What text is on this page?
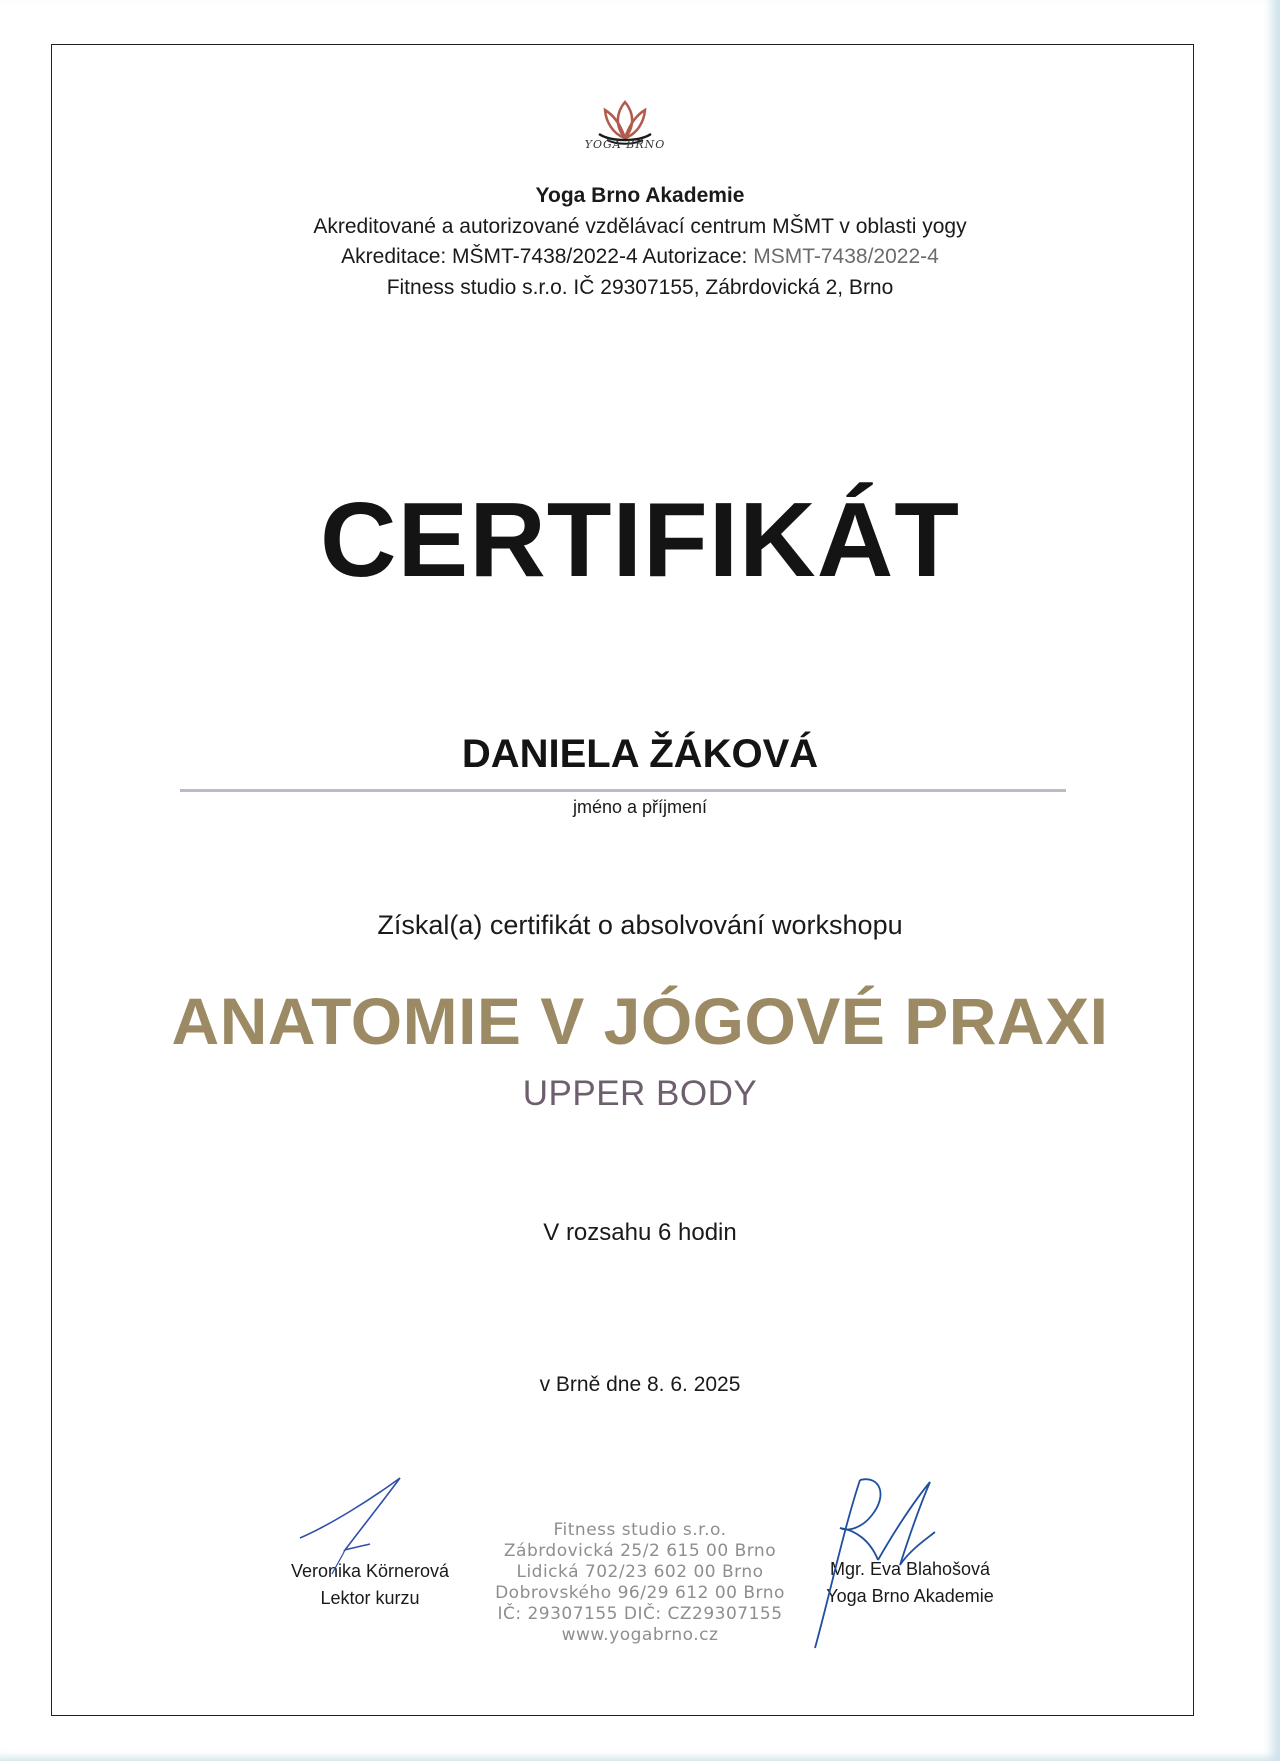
YOGA BRNO
Yoga Brno Akademie
Akreditované a autorizované vzdělávací centrum MŠMT v oblasti yogy
Akreditace: MŠMT-7438/2022-4 Autorizace: MSMT-7438/2022-4
Fitness studio s.r.o. IČ 29307155, Zábrdovická 2, Brno
CERTIFIKÁT
DANIELA ŽÁKOVÁ
jméno a příjmení
Získal(a) certifikát o absolvování workshopu
ANATOMIE V JÓGOVÉ PRAXI
UPPER BODY
V rozsahu 6 hodin
v Brně dne 8. 6. 2025
Fitness studio s.r.o.
Zábrdovická 25/2 615 00 Brno
Lidická 702/23 602 00 Brno
Dobrovského 96/29 612 00 Brno
IČ: 29307155 DIČ: CZ29307155
www.yogabrno.cz
Veronika Körnerová
Lektor kurzu
Mgr. Eva Blahošová
Yoga Brno Akademie
